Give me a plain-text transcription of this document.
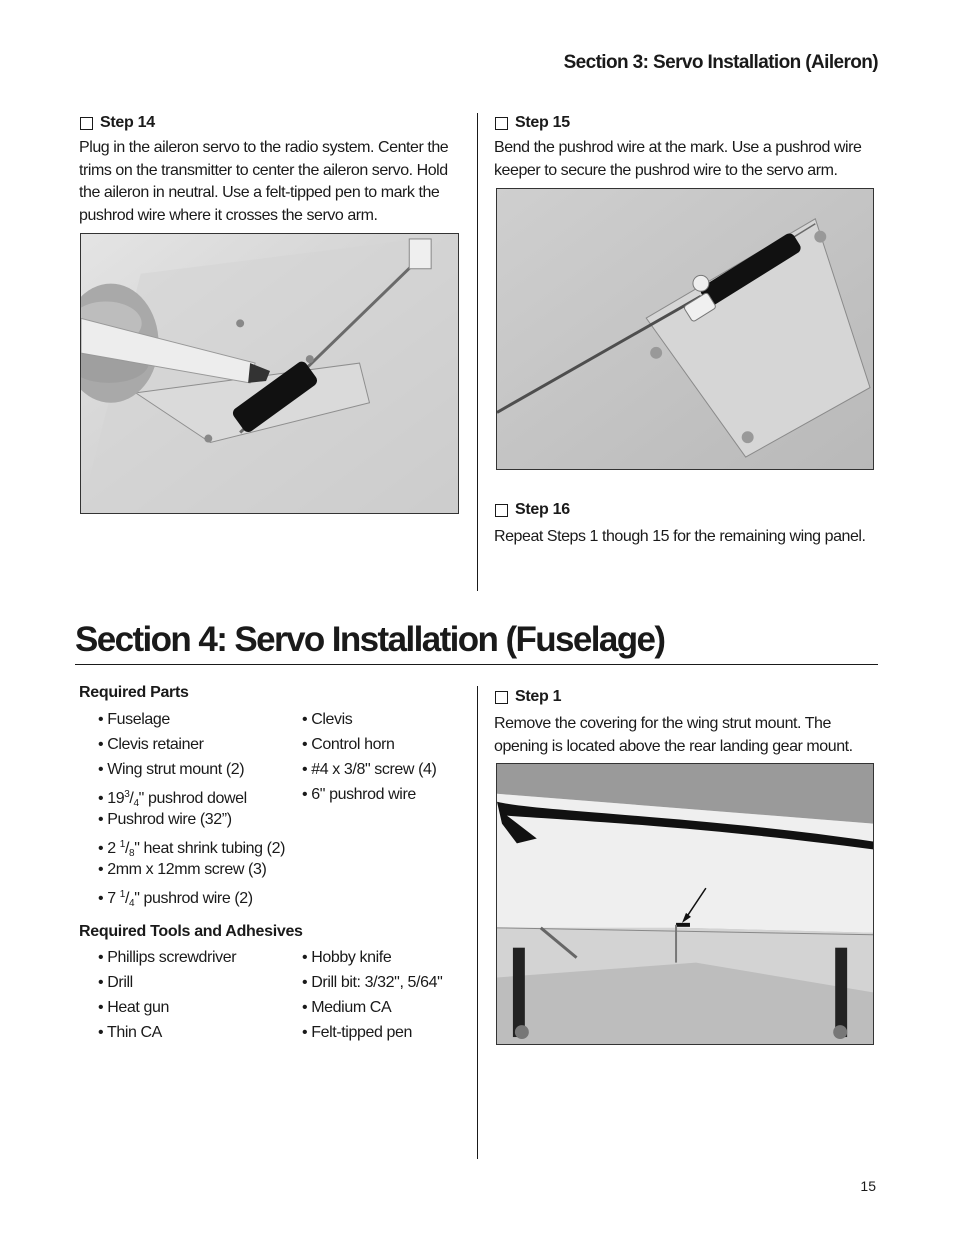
Section 3: Servo Installation (Aileron)
Step 14

Plug in the aileron servo to the radio system. Center the
trims on the transmitter to center the aileron servo. Hold
the aileron in neutral. Use a felt-tipped pen to mark the
pushrod wire where it crosses the servo arm.

Step 15

Bend the pushrod wire at the mark. Use a pushrod wire
keeper to secure the pushrod wire to the servo arm.

Step 16

Repeat Steps 1 though 15 for the remaining wing panel.

Section 4: Servo Installation (Fuselage)
Required Parts
• Fuselage
• Clevis retainer
• Wing strut mount (2)
• $19^3/_4$" pushrod dowel
• Pushrod wire (32”)
• 2 $^1/_8$" heat shrink tubing (2)
• 2mm x 12mm screw (3)
• 7 $^1/_4$" pushrod wire (2)
• Clevis
• Control horn
• #4 x 3/8" screw (4)
• 6" pushrod wire
Required Tools and Adhesives
• Phillips screwdriver
• Drill
• Heat gun
• Thin CA
• Hobby knife
• Drill bit: 3/32", 5/64"
• Medium CA
• Felt-tipped pen
Step 1

Remove the covering for the wing strut mount. The
opening is located above the rear landing gear mount.

15
